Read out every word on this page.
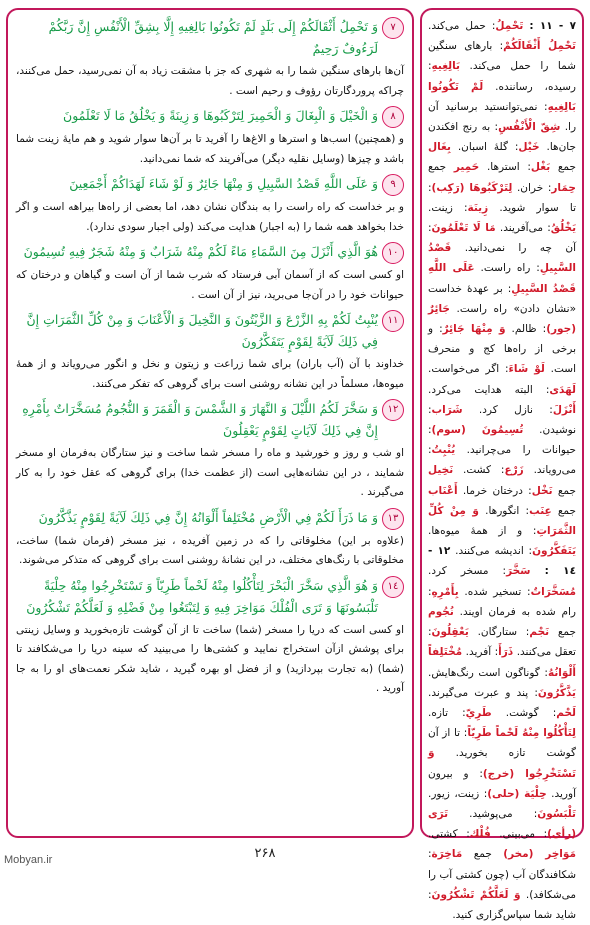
٧
وَ تَحْمِلُ أَثْقَالَكُمْ إِلَى بَلَدٍ لَمْ تَكُونُوا بَالِغِيهِ إِلَّا بِشِقِّ الْأَنْفُسِ إِنَّ رَبَّكُمْ لَرَءُوفٌ رَحِيمٌ
آن‌ها بارهای سنگین شما را به شهری که جز با مشقت زیاد به آن نمی‌رسید، حمل می‌کنند، چراکه پروردگارتان رؤوف و رحیم است .
٨
وَ الْخَيْلَ وَ الْبِغَالَ وَ الْحَمِيرَ لِتَرْكَبُوهَا وَ زِينَةً وَ يَخْلُقُ مَا لَا تَعْلَمُونَ
و (همچنین) اسب‌ها و استرها و الاغ‌ها را آفرید تا بر آن‌ها سوار شوید و هم مایهٔ زینت شما باشد و چیزها (وسایل نقلیه دیگر) می‌آفریند که شما نمی‌دانید.
٩
وَ عَلَى اللَّهِ قَصْدُ السَّبِيلِ وَ مِنْهَا جَائِرٌ وَ لَوْ شَاءَ لَهَدَاكُمْ أَجْمَعِينَ
و بر خداست که راه راست را به بندگان نشان دهد، اما بعضی از راه‌ها بیراهه است و اگر خدا بخواهد همه شما را (به اجبار) هدایت می‌کند (ولی اجبار سودی ندارد).
١٠
هُوَ الَّذِي أَنْزَلَ مِنَ السَّمَاءِ مَاءً لَكُمْ مِنْهُ شَرَابٌ وَ مِنْهُ شَجَرٌ فِيهِ تُسِيمُونَ
او کسی است که از آسمان آبی فرستاد که شرب شما از آن است و گیاهان و درختان که حیوانات خود را در آن‌جا می‌برید، نیز از آن است .
١١
يُنْبِتُ لَكُمْ بِهِ الزَّرْعَ وَ الزَّيْتُونَ وَ النَّخِيلَ وَ الْأَعْنَابَ وَ مِنْ كُلِّ الثَّمَرَاتِ إِنَّ فِي ذَلِكَ لَآيَةً لِقَوْمٍ يَتَفَكَّرُونَ
خداوند با آن (آب باران) برای شما زراعت و زیتون و نخل و انگور می‌رویاند و از همهٔ میوه‌ها، مسلماً در این نشانه روشنی است برای گروهی که تفکر می‌کنند.
١٢
وَ سَخَّرَ لَكُمُ اللَّيْلَ وَ النَّهَارَ وَ الشَّمْسَ وَ الْقَمَرَ وَ النُّجُومُ مُسَخَّرَاتٌ بِأَمْرِهِ إِنَّ فِي ذَلِكَ لَآيَاتٍ لِقَوْمٍ يَعْقِلُونَ
او شب و روز و خورشید و ماه را مسخر شما ساخت و نیز ستارگان به‌فرمان او مسخر شمایند ، در این نشانه‌هایی است (از عظمت خدا) برای گروهی که عقل خود را به کار می‌گیرند .
١٣
وَ مَا ذَرَأَ لَكُمْ فِي الْأَرْضِ مُخْتَلِفاً أَلْوَانُهُ إِنَّ فِي ذَلِكَ لَآيَةً لِقَوْمٍ يَذَّكَّرُونَ
(علاوه بر این) مخلوقاتی را که در زمین آفریده ، نیز مسخر (فرمان شما) ساخت، مخلوقاتی با رنگ‌های مختلف، در این نشانهٔ روشنی است برای گروهی که متذکر می‌شوند.
١٤
وَ هُوَ الَّذِي سَخَّرَ الْبَحْرَ لِتَأْكُلُوا مِنْهُ لَحْماً طَرِيّاً وَ تَسْتَخْرِجُوا مِنْهُ حِلْيَةً تَلْبَسُونَهَا وَ تَرَى الْفُلْكَ مَوَاخِرَ فِيهِ وَ لِتَبْتَغُوا مِنْ فَضْلِهِ وَ لَعَلَّكُمْ تَشْكُرُونَ
او کسی است که دریا را مسخر (شما) ساخت تا از آن گوشت تازه‌بخورید و وسایل زینتی برای پوشش ازآن استخراج نمایید و کشتی‌ها را می‌بینید که سینه دریا را می‌شکافند تا (شما) (به تجارت بپردازید) و از فضل او بهره گیرید ، شاید شکر نعمت‌های او را به جا آورید .
٧ - ١١ : تَحْمِلُ: حمل می‌کند. تَحْمِلُ أَثْقَالَكُمْ: بارهای سنگین شما را حمل می‌کند. بَالِغِيهِ: رسیده، رساننده. لَمْ تَكُونُوا بَالِغِيهِ: نمی‌توانستید برسانید آن را. شِقّ الْأَنْفُسِ: به رنج افکندن جان‌ها. خَيْل: گلهٔ اسبان. بِغَال جمع بَغْل: استرها. حَمِير جمع حِمَار: خران. لِتَرْكَبُوهَا (رَكِب): تا سوار شوید. زِينَة: زینت. يَخْلُقُ: می‌آفریند. مَا لَا تَعْلَمُونَ: آن چه را نمی‌دانید. قَصْدُ السَّبِيلِ: راه راست. عَلَى اللَّهِ قَصْدُ السَّبِيلِ: بر عهدهٔ خداست «نشان دادن» راه راست. جَائِرٌ (جور): ظالم. وَ مِنْهَا جَائِرٌ: و برخی از راه‌ها کج و منحرف است. لَوْ شَاءَ: اگر می‌خواست. لَهَدَی: البته هدایت می‌کرد. أَنْزَلَ: نازل کرد. شَرَاب: نوشیدن. تُسِيمُونَ (سوم): حیوانات را می‌چرانید. يُنْبِتُ: می‌رویاند. زَرْع: کشت. نَخِيل جمع نَخْل: درختان خرما. أَعْنَاب جمع عِنَب: انگورها. وَ مِنْ كُلِّ الثَّمَرَاتِ: و از همهٔ میوه‌ها. يَتَفَكَّرُونَ: اندیشه می‌کنند. ١٢ - ١٤ : سَخَّرَ: مسخر کرد. مُسَخَّرَاتٌ: تسخیر شده. بِأَمْرِهِ: رام شده به فرمان اویند. نُجُوم جمع نَجْم: ستارگان. يَعْقِلُونَ: تعقل می‌کنند. ذَرَأَ: آفرید. مُخْتَلِفاً أَلْوَانُهُ: گوناگون است رنگ‌هایش. يَذَّكَّرُونَ: پند و عبرت می‌گیرند. لَحْم: گوشت. طَرِيّ: تازه. لِتَأْكُلُوا مِنْهُ لَحْماً طَرِيّاً: تا از آن گوشت تازه بخورید. وَ تَسْتَخْرِجُوا (خرج): و بیرون آورید. حِلْيَة (حلی): زینت، زیور. تَلْبَسُونَ: می‌پوشید. تَرَى (رأی): می‌بینی. فُلْك: کشتی. مَوَاخِر (مخر) جمع مَاخِرَة: شکافندگان آب (چون کشتی آب را می‌شکافد). وَ لَعَلَّكُمْ تَشْكُرُونَ: شاید شما سپاس‌گزاری کنید.
٢۶٨
Mobyan.ir
